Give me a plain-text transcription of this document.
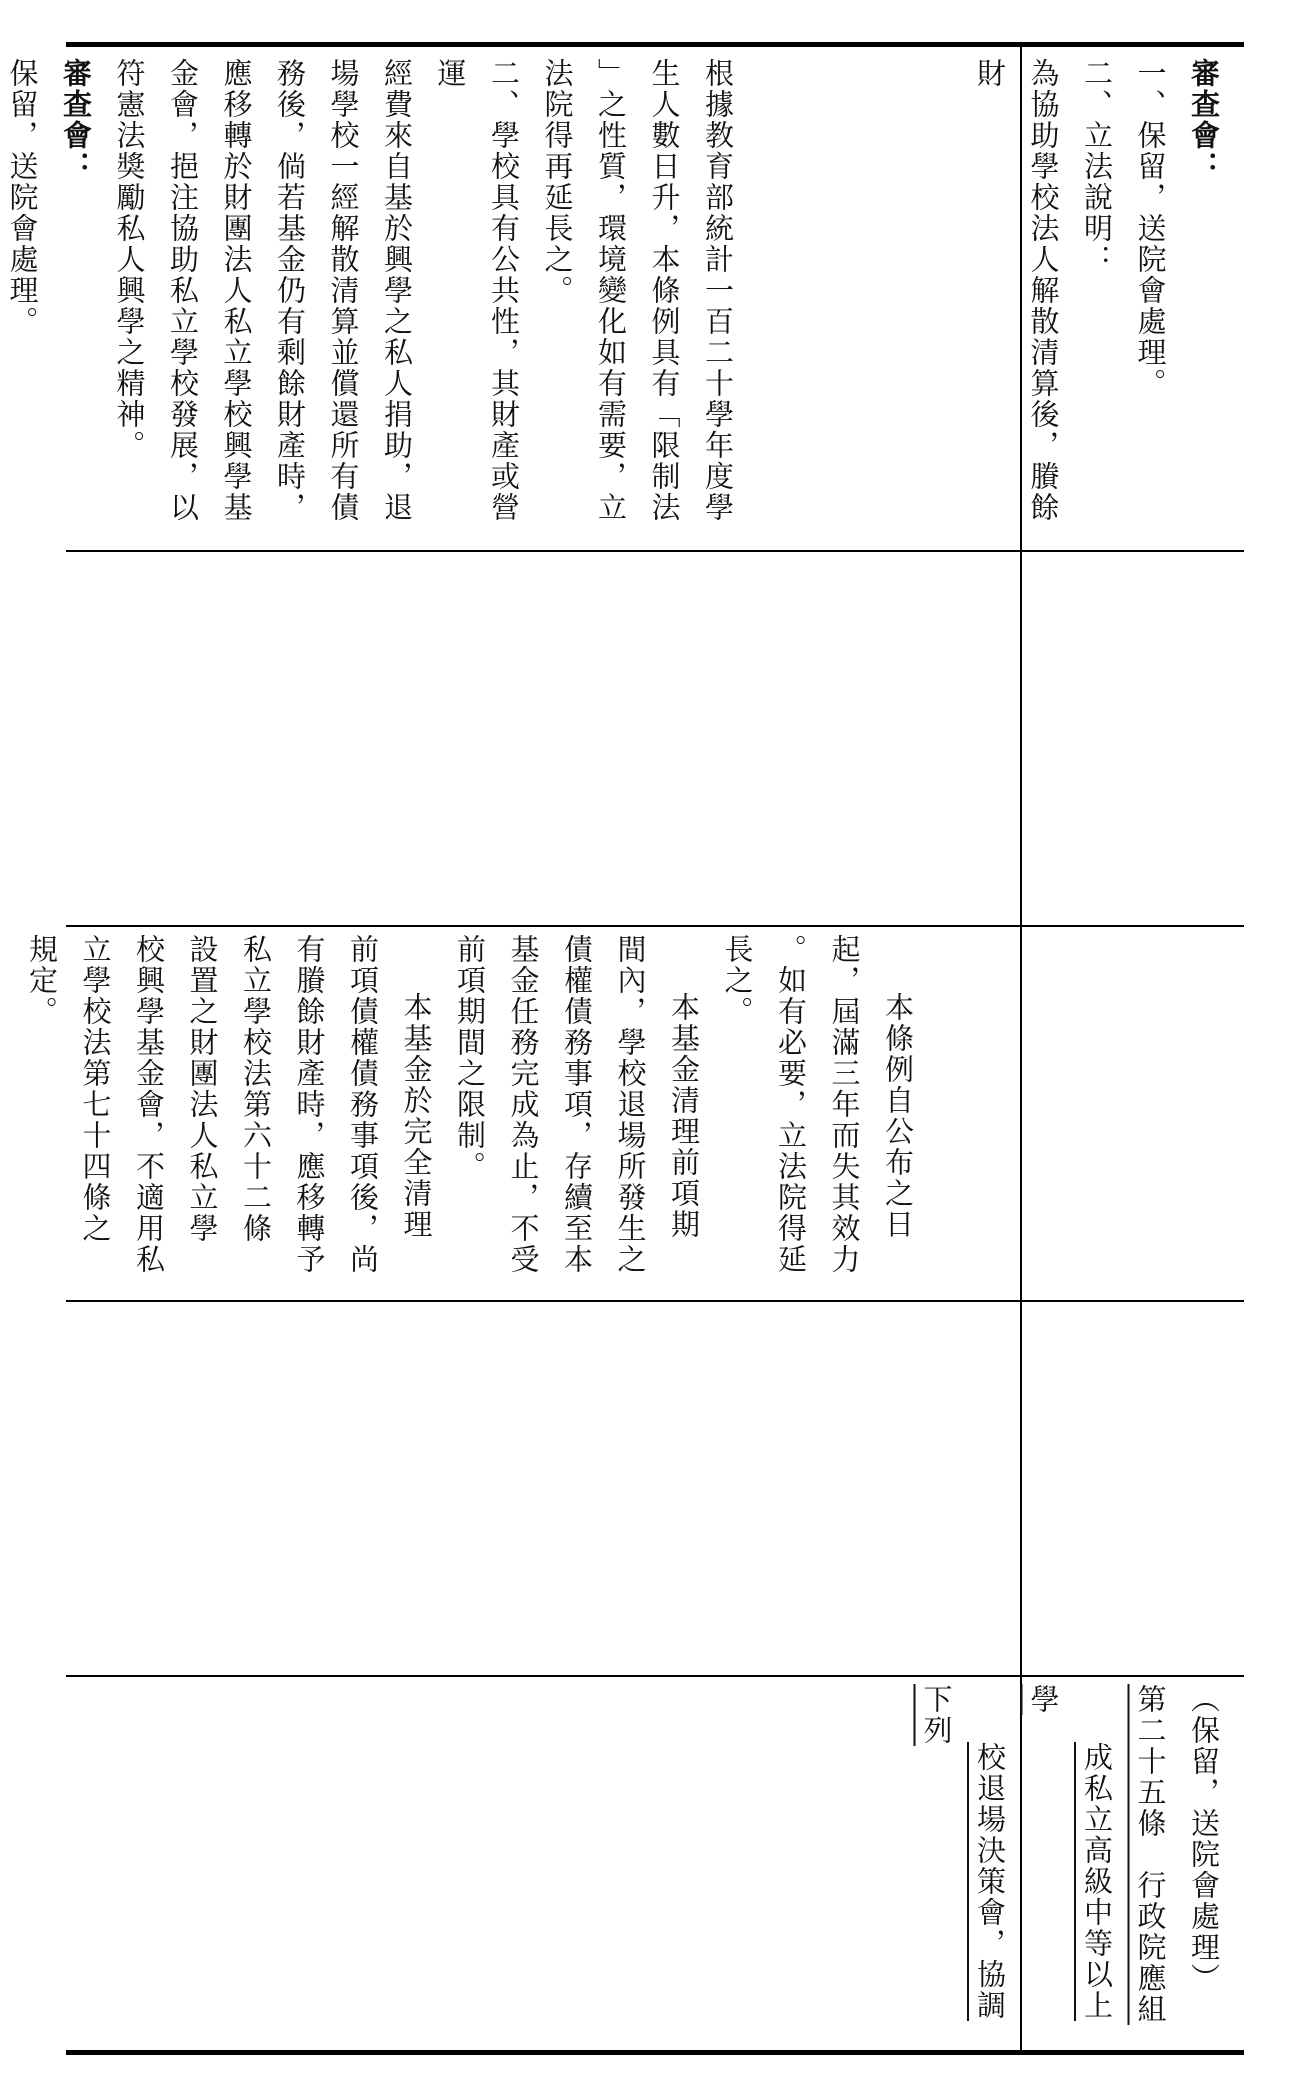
根據教育部統計一百二十學年度學

生人數日升，本條例具有「限制法

」之性質，環境變化如有需要，立

法院得再延長之。

二、學校具有公共性，其財產或營運

經費來自基於興學之私人捐助，退

場學校一經解散清算並償還所有債

務後，倘若基金仍有剩餘財產時，

應移轉於財團法人私立學校興學基

金會，挹注協助私立學校發展，以

符憲法獎勵私人興學之精神。

審查會：

保留，送院會處理。

本條例自公布之日
起，屆滿三年而失其效力
。如有必要，立法院得延
長之。

本基金清理前項期
間內，學校退場所發生之
債權債務事項，存續至本
基金任務完成為止，不受
前項期間之限制。

本基金於完全清理
前項債權債務事項後，尚
有賸餘財產時，應移轉予
私立學校法第六十二條
設置之財團法人私立學
校興學基金會，不適用私
立學校法第七十四條之
規定。

審查會：

一、保留，送院會處理。

二、立法說明：

為協助學校法人解散清算後，賸餘財

（保留，送院會處理）

第二十五條　行政院應組

成私立高級中等以上學

校退場決策會，協調下列
